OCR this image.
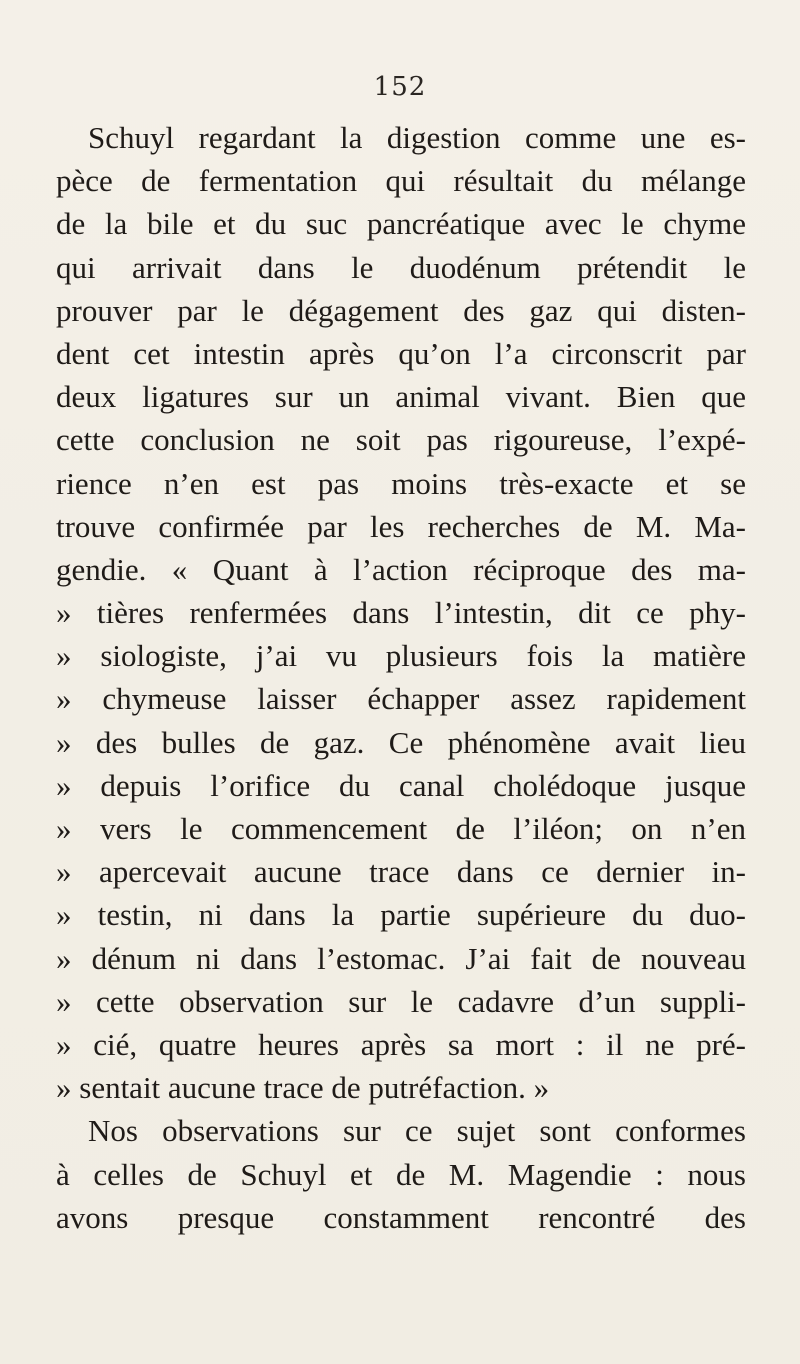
152
Schuyl regardant la digestion comme une es-
pèce de fermentation qui résultait du mélange
de la bile et du suc pancréatique avec le chyme
qui arrivait dans le duodénum prétendit le
prouver par le dégagement des gaz qui disten-
dent cet intestin après qu’on l’a circonscrit par
deux ligatures sur un animal vivant. Bien que
cette conclusion ne soit pas rigoureuse, l’expé-
rience n’en est pas moins très-exacte et se
trouve confirmée par les recherches de M. Ma-
gendie. « Quant à l’action réciproque des ma-
» tières renfermées dans l’intestin, dit ce phy-
» siologiste, j’ai vu plusieurs fois la matière
» chymeuse laisser échapper assez rapidement
» des bulles de gaz. Ce phénomène avait lieu
» depuis l’orifice du canal cholédoque jusque
» vers le commencement de l’iléon; on n’en
» apercevait aucune trace dans ce dernier in-
» testin, ni dans la partie supérieure du duo-
» dénum ni dans l’estomac. J’ai fait de nouveau
» cette observation sur le cadavre d’un suppli-
» cié, quatre heures après sa mort : il ne pré-
» sentait aucune trace de putréfaction. »
Nos observations sur ce sujet sont conformes
à celles de Schuyl et de M. Magendie : nous
avons presque constamment rencontré des
